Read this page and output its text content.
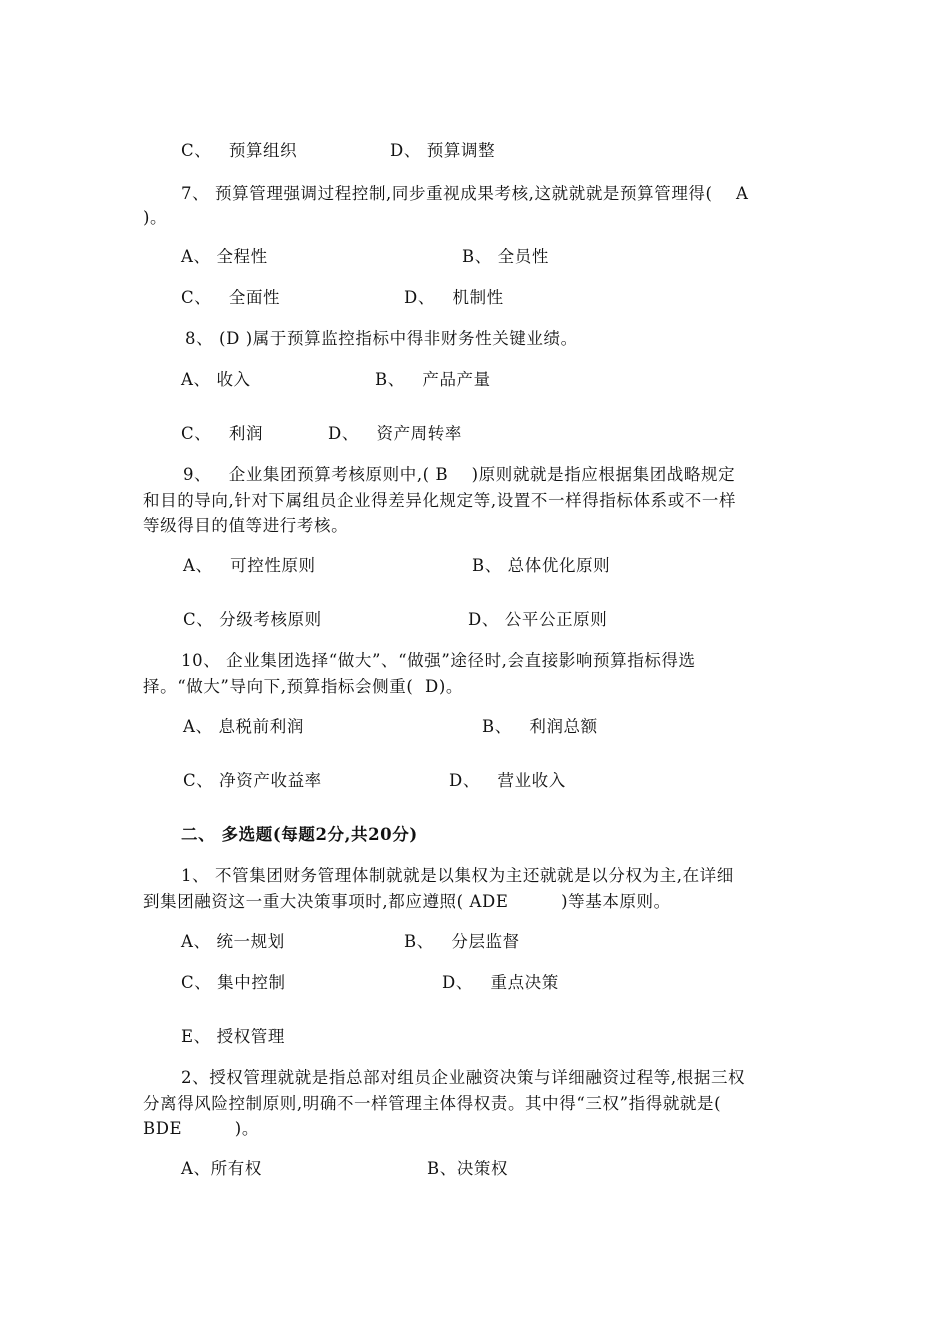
C、   预算组织	D、 预算调整
7、 预算管理强调过程控制,同步重视成果考核,这就就就是预算管理得(    A
)。
A、 全程性	B、 全员性
C、   全面性	D、   机制性
8、 (D )属于预算监控指标中得非财务性关键业绩。
A、 收入	B、   产品产量
C、   利润	D、   资产周转率
9、   企业集团预算考核原则中,( B    )原则就就是指应根据集团战略规定
和目的导向,针对下属组员企业得差异化规定等,设置不一样得指标体系或不一样
等级得目的值等进行考核。
A、   可控性原则	B、 总体优化原则
C、 分级考核原则	D、 公平公正原则
10、 企业集团选择“做大”、“做强”途径时,会直接影响预算指标得选
择。“做大”导向下,预算指标会侧重(  D)。
A、 息税前利润	B、   利润总额
C、 净资产收益率	D、   营业收入
二、 多选题(每题2分,共20分)
1、 不管集团财务管理体制就就是以集权为主还就就是以分权为主,在详细
到集团融资这一重大决策事项时,都应遵照( ADE         )等基本原则。
A、 统一规划	B、   分层监督
C、 集中控制	D、   重点决策
E、 授权管理
2、授权管理就就是指总部对组员企业融资决策与详细融资过程等,根据三权
分离得风险控制原则,明确不一样管理主体得权责。其中得“三权”指得就就是(
BDE         )。
A、所有权	B、决策权
